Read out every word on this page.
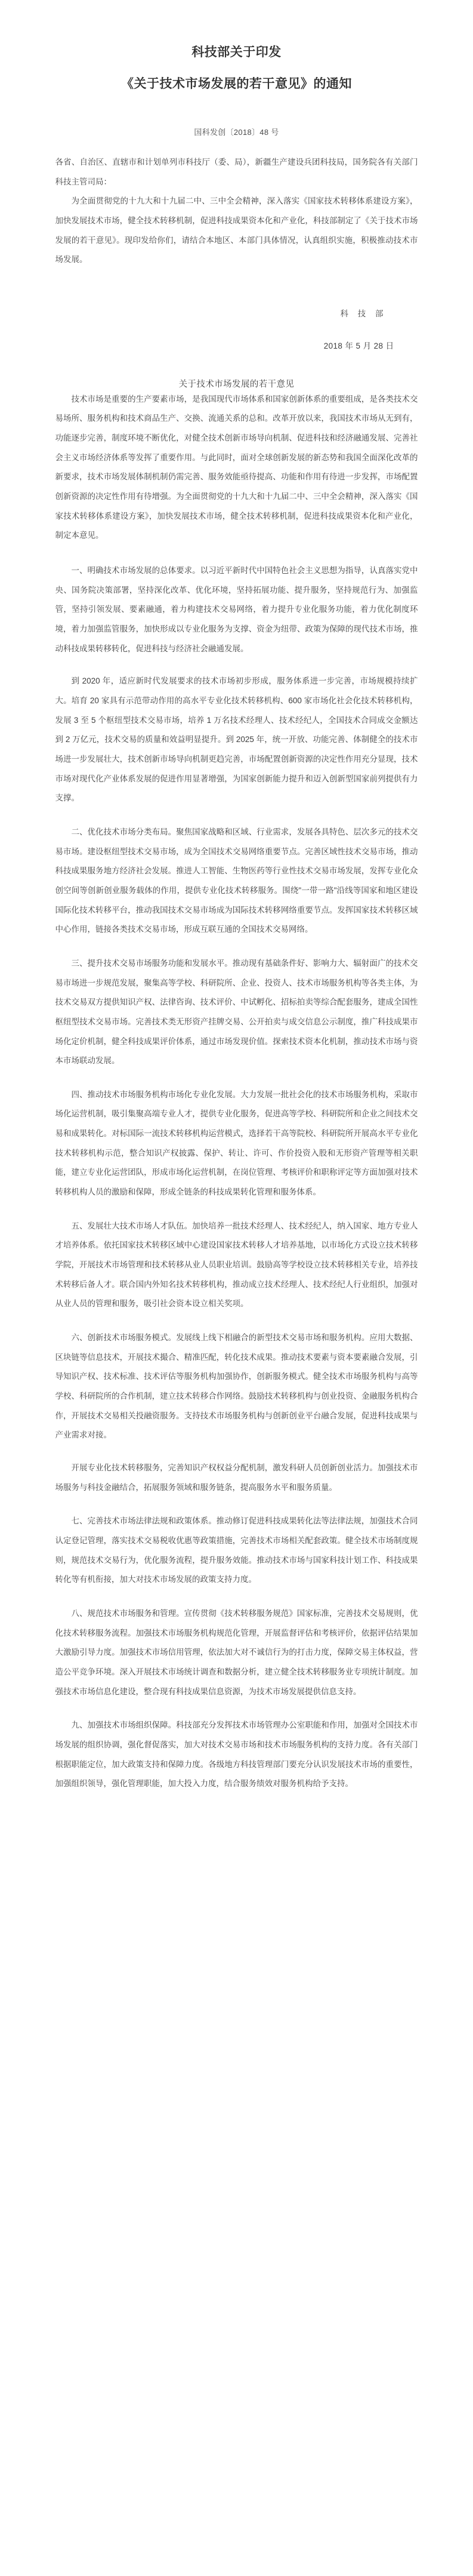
科技部关于印发
《关于技术市场发展的若干意见》的通知
国科发创〔2018〕48 号
各省、自治区、直辖市和计划单列市科技厅（委、局），新疆生产建设兵团科技局，国务院各有关部门科技主管司局：

为全面贯彻党的十九大和十九届二中、三中全会精神，深入落实《国家技术转移体系建设方案》，加快发展技术市场，健全技术转移机制，促进科技成果资本化和产业化，科技部制定了《关于技术市场发展的若干意见》。现印发给你们，请结合本地区、本部门具体情况，认真组织实施，积极推动技术市场发展。

科 技 部
2018 年 5 月 28 日
关于技术市场发展的若干意见

技术市场是重要的生产要素市场，是我国现代市场体系和国家创新体系的重要组成，是各类技术交易场所、服务机构和技术商品生产、交换、流通关系的总和。改革开放以来，我国技术市场从无到有，功能逐步完善，制度环境不断优化，对健全技术创新市场导向机制、促进科技和经济融通发展、完善社会主义市场经济体系等发挥了重要作用。与此同时，面对全球创新发展的新态势和我国全面深化改革的新要求，技术市场发展体制机制仍需完善、服务效能亟待提高、功能和作用有待进一步发挥，市场配置创新资源的决定性作用有待增强。为全面贯彻党的十九大和十九届二中、三中全会精神，深入落实《国家技术转移体系建设方案》，加快发展技术市场，健全技术转移机制，促进科技成果资本化和产业化，制定本意见。

一、明确技术市场发展的总体要求。以习近平新时代中国特色社会主义思想为指导，认真落实党中央、国务院决策部署，坚持深化改革、优化环境，坚持拓展功能、提升服务，坚持规范行为、加强监管，坚持引领发展、要素融通，着力构建技术交易网络，着力提升专业化服务功能，着力优化制度环境，着力加强监管服务，加快形成以专业化服务为支撑、资金为纽带、政策为保障的现代技术市场，推动科技成果转移转化，促进科技与经济社会融通发展。

到 2020 年，适应新时代发展要求的技术市场初步形成，服务体系进一步完善，市场规模持续扩大。培育 20 家具有示范带动作用的高水平专业化技术转移机构、600 家市场化社会化技术转移机构，发展 3 至 5 个枢纽型技术交易市场，培养 1 万名技术经理人、技术经纪人，全国技术合同成交金额达到 2 万亿元，技术交易的质量和效益明显提升。到 2025 年，统一开放、功能完善、体制健全的技术市场进一步发展壮大，技术创新市场导向机制更趋完善，市场配置创新资源的决定性作用充分显现，技术市场对现代化产业体系发展的促进作用显著增强，为国家创新能力提升和迈入创新型国家前列提供有力支撑。

二、优化技术市场分类布局。聚焦国家战略和区域、行业需求，发展各具特色、层次多元的技术交易市场。建设枢纽型技术交易市场，成为全国技术交易网络重要节点。完善区域性技术交易市场，推动科技成果服务地方经济社会发展。推进人工智能、生物医药等行业性技术交易市场发展，发挥专业化众创空间等创新创业服务载体的作用，提供专业化技术转移服务。围绕"一带一路"沿线等国家和地区建设国际化技术转移平台，推动我国技术交易市场成为国际技术转移网络重要节点。发挥国家技术转移区域中心作用，链接各类技术交易市场，形成互联互通的全国技术交易网络。

三、提升技术交易市场服务功能和发展水平。推动现有基础条件好、影响力大、辐射面广的技术交易市场进一步规范发展，聚集高等学校、科研院所、企业、投资人、技术市场服务机构等各类主体，为技术交易双方提供知识产权、法律咨询、技术评价、中试孵化、招标拍卖等综合配套服务，建成全国性枢纽型技术交易市场。完善技术类无形资产挂牌交易、公开拍卖与成交信息公示制度，推广科技成果市场化定价机制，健全科技成果评价体系，通过市场发现价值。探索技术资本化机制，推动技术市场与资本市场联动发展。

四、推动技术市场服务机构市场化专业化发展。大力发展一批社会化的技术市场服务机构，采取市场化运营机制，吸引集聚高端专业人才，提供专业化服务，促进高等学校、科研院所和企业之间技术交易和成果转化。对标国际一流技术转移机构运营模式，选择若干高等院校、科研院所开展高水平专业化技术转移机构示范，整合知识产权披露、保护、转让、许可、作价投资入股和无形资产管理等相关职能，建立专业化运营团队，形成市场化运营机制，在岗位管理、考核评价和职称评定等方面加强对技术转移机构人员的激励和保障，形成全链条的科技成果转化管理和服务体系。

五、发展壮大技术市场人才队伍。加快培养一批技术经理人、技术经纪人，纳入国家、地方专业人才培养体系。依托国家技术转移区域中心建设国家技术转移人才培养基地，以市场化方式设立技术转移学院，开展技术市场管理和技术转移从业人员职业培训。鼓励高等学校设立技术转移相关专业，培养技术转移后备人才。联合国内外知名技术转移机构，推动成立技术经理人、技术经纪人行业组织，加强对从业人员的管理和服务，吸引社会资本设立相关奖项。

六、创新技术市场服务模式。发展线上线下相融合的新型技术交易市场和服务机构。应用大数据、区块链等信息技术，开展技术撮合、精准匹配，转化技术成果。推动技术要素与资本要素融合发展，引导知识产权、技术标准、技术评估等服务机构加强协作，创新服务模式。健全技术市场服务机构与高等学校、科研院所的合作机制，建立技术转移合作网络。鼓励技术转移机构与创业投资、金融服务机构合作，开展技术交易相关投融资服务。支持技术市场服务机构与创新创业平台融合发展，促进科技成果与产业需求对接。

开展专业化技术转移服务，完善知识产权权益分配机制，激发科研人员创新创业活力。加强技术市场服务与科技金融结合，拓展服务领域和服务链条，提高服务水平和服务质量。

七、完善技术市场法律法规和政策体系。推动修订促进科技成果转化法等法律法规，加强技术合同认定登记管理，落实技术交易税收优惠等政策措施，完善技术市场相关配套政策。健全技术市场制度规则，规范技术交易行为，优化服务流程，提升服务效能。推动技术市场与国家科技计划工作、科技成果转化等有机衔接，加大对技术市场发展的政策支持力度。

八、规范技术市场服务和管理。宣传贯彻《技术转移服务规范》国家标准，完善技术交易规则，优化技术转移服务流程。加强技术市场服务机构规范化管理，开展监督评估和考核评价，依据评估结果加大激励引导力度。加强技术市场信用管理，依法加大对不诚信行为的打击力度，保障交易主体权益，营造公平竞争环境。深入开展技术市场统计调查和数据分析，建立健全技术转移服务业专项统计制度。加强技术市场信息化建设，整合现有科技成果信息资源，为技术市场发展提供信息支持。

九、加强技术市场组织保障。科技部充分发挥技术市场管理办公室职能和作用，加强对全国技术市场发展的组织协调，强化督促落实，加大对技术交易市场和技术市场服务机构的支持力度。各有关部门根据职能定位，加大政策支持和保障力度。各级地方科技管理部门要充分认识发展技术市场的重要性，加强组织领导，强化管理职能，加大投入力度，结合服务绩效对服务机构给予支持。
